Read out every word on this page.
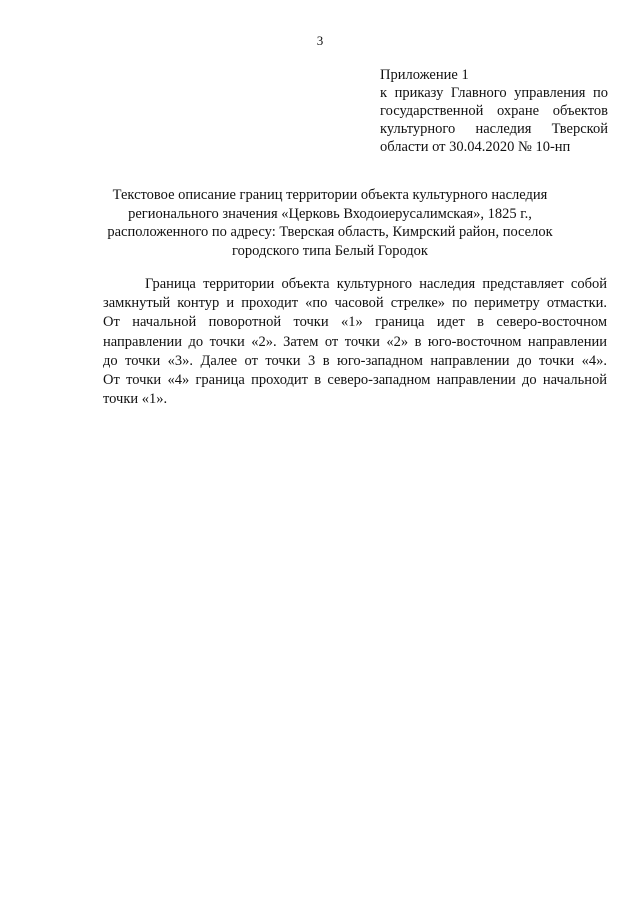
3
Приложение 1
к приказу Главного управления по
государственной охране объектов
культурного наследия Тверской
области от 30.04.2020 № 10-нп
Текстовое описание границ территории объекта культурного наследия
регионального значения «Церковь Входоиерусалимская», 1825 г.,
расположенного по адресу: Тверская область, Кимрский район, поселок
городского типа Белый Городок
Граница территории объекта культурного наследия представляет собой
замкнутый контур и проходит «по часовой стрелке» по периметру отмастки.
От начальной поворотной точки «1» граница идет в северо-восточном
направлении до точки «2». Затем от точки «2» в юго-восточном направлении
до точки «3». Далее от точки 3 в юго-западном направлении до точки «4».
От точки «4» граница проходит в северо-западном направлении до начальной
точки «1».
